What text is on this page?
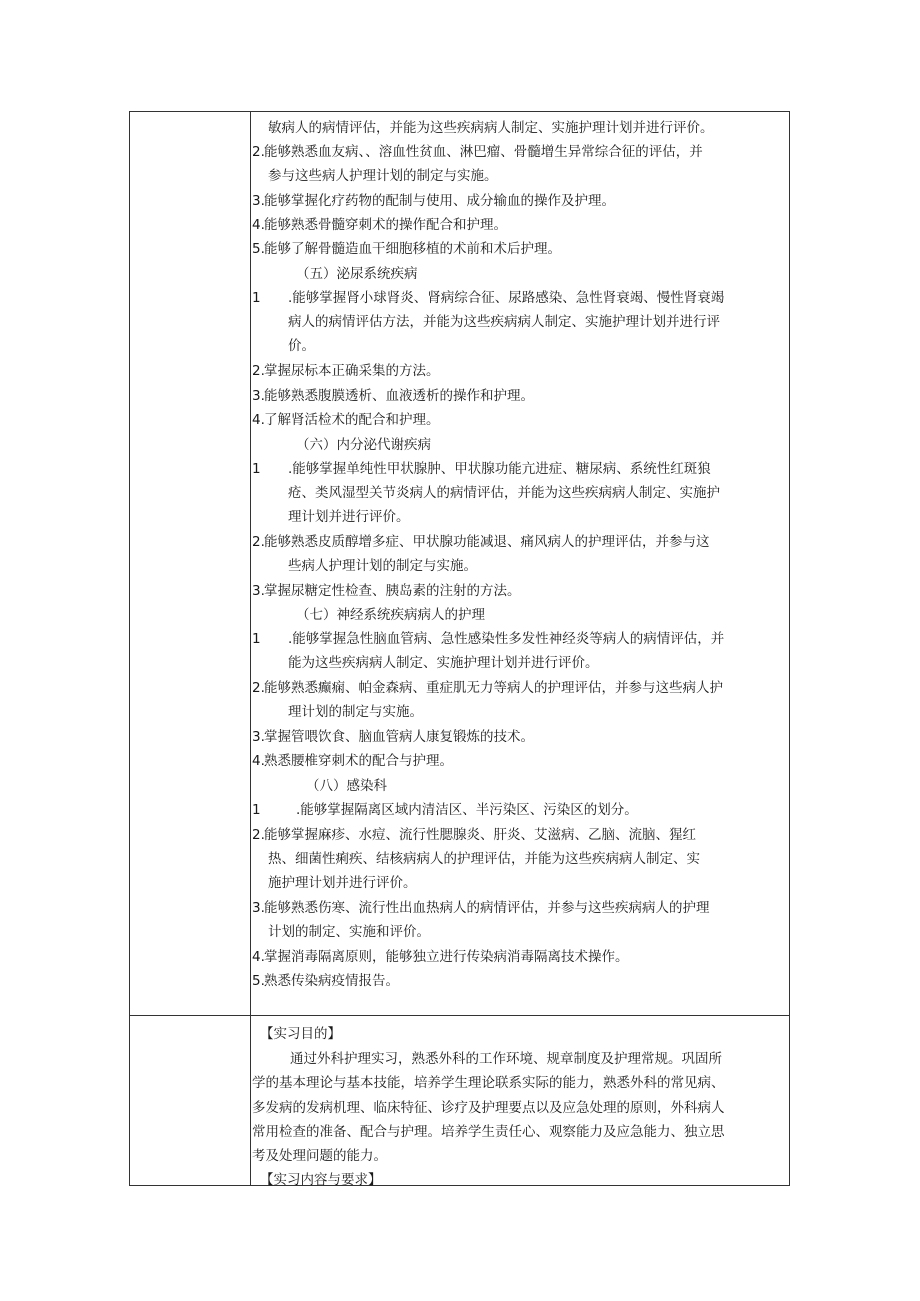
敏病人的病情评估，并能为这些疾病病人制定、实施护理计划并进行评价。
2. 能够熟悉血友病、、溶血性贫血、淋巴瘤、骨髓增生异常综合征的评估，并
参与这些病人护理计划的制定与实施。
3. 能够掌握化疗药物的配制与使用、成分输血的操作及护理。
4. 能够熟悉骨髓穿刺术的操作配合和护理。
5. 能够了解骨髓造血干细胞移植的术前和术后护理。
（五）泌尿系统疾病
1 .能够掌握肾小球肾炎、肾病综合征、尿路感染、急性肾衰竭、慢性肾衰竭
病人的病情评估方法，并能为这些疾病病人制定、实施护理计划并进行评
价。
2. 掌握尿标本正确采集的方法。
3. 能够熟悉腹膜透析、血液透析的操作和护理。
4. 了解肾活检术的配合和护理。
（六）内分泌代谢疾病
1 .能够掌握单纯性甲状腺肿、甲状腺功能亢进症、糖尿病、系统性红斑狼
疮、类风湿型关节炎病人的病情评估，并能为这些疾病病人制定、实施护
理计划并进行评价。
2. 能够熟悉皮质醇增多症、甲状腺功能减退、痛风病人的护理评估，并参与这
些病人护理计划的制定与实施。
3. 掌握尿糖定性检查、胰岛素的注射的方法。
（七）神经系统疾病病人的护理
1 .能够掌握急性脑血管病、急性感染性多发性神经炎等病人的病情评估，并
能为这些疾病病人制定、实施护理计划并进行评价。
2. 能够熟悉癫痫、帕金森病、重症肌无力等病人的护理评估，并参与这些病人护
理计划的制定与实施。
3. 掌握管喂饮食、脑血管病人康复锻炼的技术。
4. 熟悉腰椎穿刺术的配合与护理。
（八）感染科
1	.能够掌握隔离区域内清洁区、半污染区、污染区的划分。
2. 能够掌握麻疹、水痘、流行性腮腺炎、肝炎、艾滋病、乙脑、流脑、猩红
热、细菌性痢疾、结核病病人的护理评估，并能为这些疾病病人制定、实
施护理计划并进行评价。
3. 能够熟悉伤寒、流行性出血热病人的病情评估，并参与这些疾病病人的护理
计划的制定、实施和评价。
4. 掌握消毒隔离原则，能够独立进行传染病消毒隔离技术操作。
5. 熟悉传染病疫情报告。
【实习目的】
通过外科护理实习，熟悉外科的工作环境、规章制度及护理常规。巩固所
学的基本理论与基本技能，培养学生理论联系实际的能力，熟悉外科的常见病、
多发病的发病机理、临床特征、诊疗及护理要点以及应急处理的原则，外科病人
常用检查的准备、配合与护理。培养学生责任心、观察能力及应急能力、独立思
考及处理问题的能力。
【实习内容与要求】
